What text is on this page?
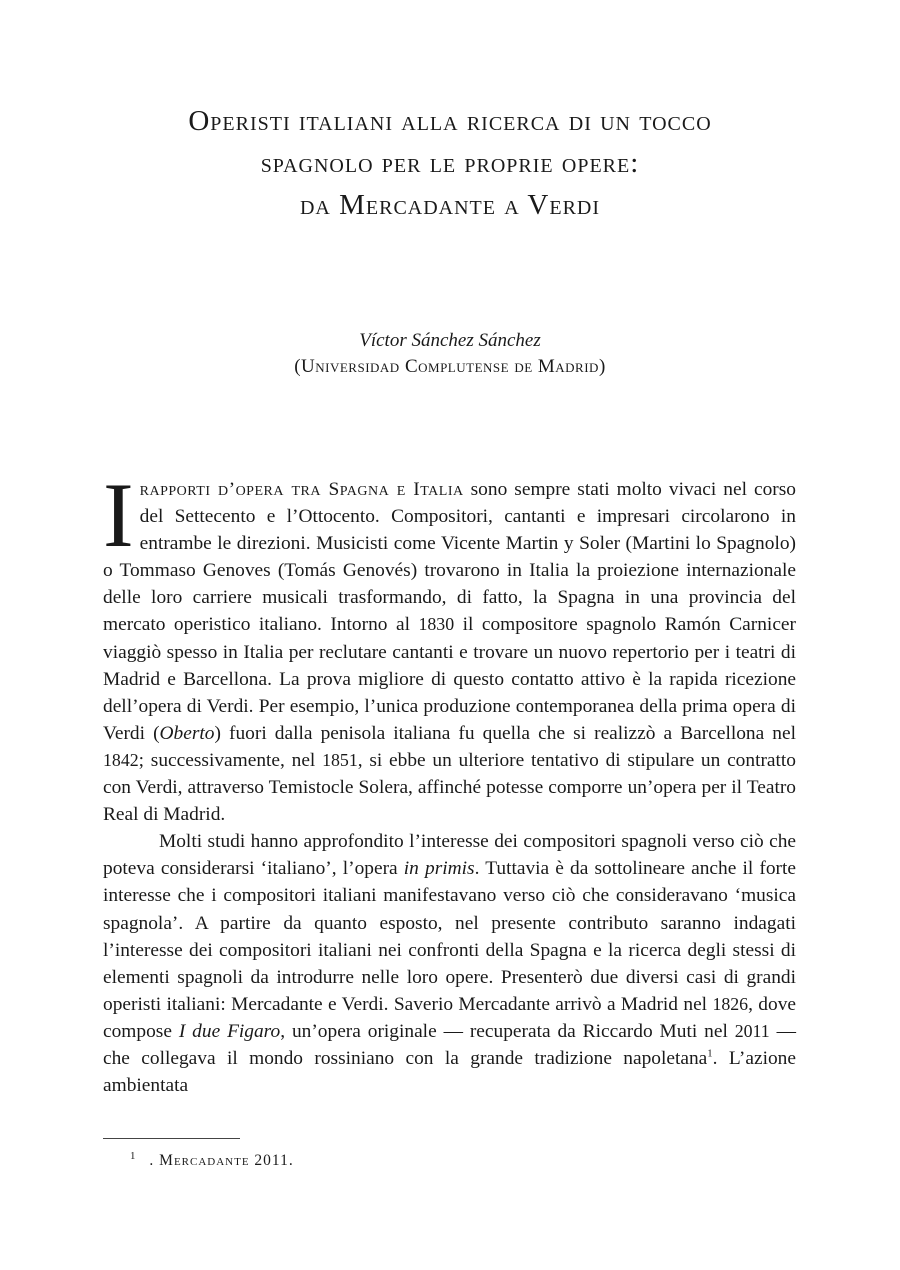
Operisti italiani alla ricerca di un tocco
spagnolo per le proprie opere:
da Mercadante a Verdi
Víctor Sánchez Sánchez
(Universidad Complutense de Madrid)

Irapporti d’opera tra Spagna e Italia sono sempre stati molto vivaci nel corso del Settecento e l’Ottocento. Compositori, cantanti e impresari circolarono in entrambe le direzioni. Musicisti come Vicente Martin y Soler (Martini lo Spagnolo) o Tommaso Genoves (Tomás Genovés) trovarono in Italia la proiezione internazionale delle loro carriere musicali trasformando, di fatto, la Spagna in una provincia del mercato operistico italiano. Intorno al 1830 il compositore spagnolo Ramón Carnicer viaggiò spesso in Italia per reclutare cantanti e trovare un nuovo repertorio per i teatri di Madrid e Barcellona. La prova migliore di questo contatto attivo è la rapida ricezione dell’opera di Verdi. Per esempio, l’unica produzione contemporanea della prima opera di Verdi (Oberto) fuori dalla penisola italiana fu quella che si realizzò a Barcellona nel 1842; successivamente, nel 1851, si ebbe un ulteriore tentativo di stipulare un contratto con Verdi, attraverso Temistocle Solera, affinché potesse comporre un’opera per il Teatro Real di Madrid.

Molti studi hanno approfondito l’interesse dei compositori spagnoli verso ciò che poteva considerarsi ‘italiano’, l’opera in primis. Tuttavia è da sottolineare anche il forte interesse che i compositori italiani manifestavano verso ciò che consideravano ‘musica spagnola’. A partire da quanto esposto, nel presente contributo saranno indagati l’interesse dei compositori italiani nei confronti della Spagna e la ricerca degli stessi di elementi spagnoli da introdurre nelle loro opere. Presenterò due diversi casi di grandi operisti italiani: Mercadante e Verdi. Saverio Mercadante arrivò a Madrid nel 1826, dove compose I due Figaro, un’opera originale — recuperata da Riccardo Muti nel 2011 — che collegava il mondo rossiniano con la grande tradizione napoletana$^1$. L’azione ambientata

$^1$ . Mercadante 2011.
